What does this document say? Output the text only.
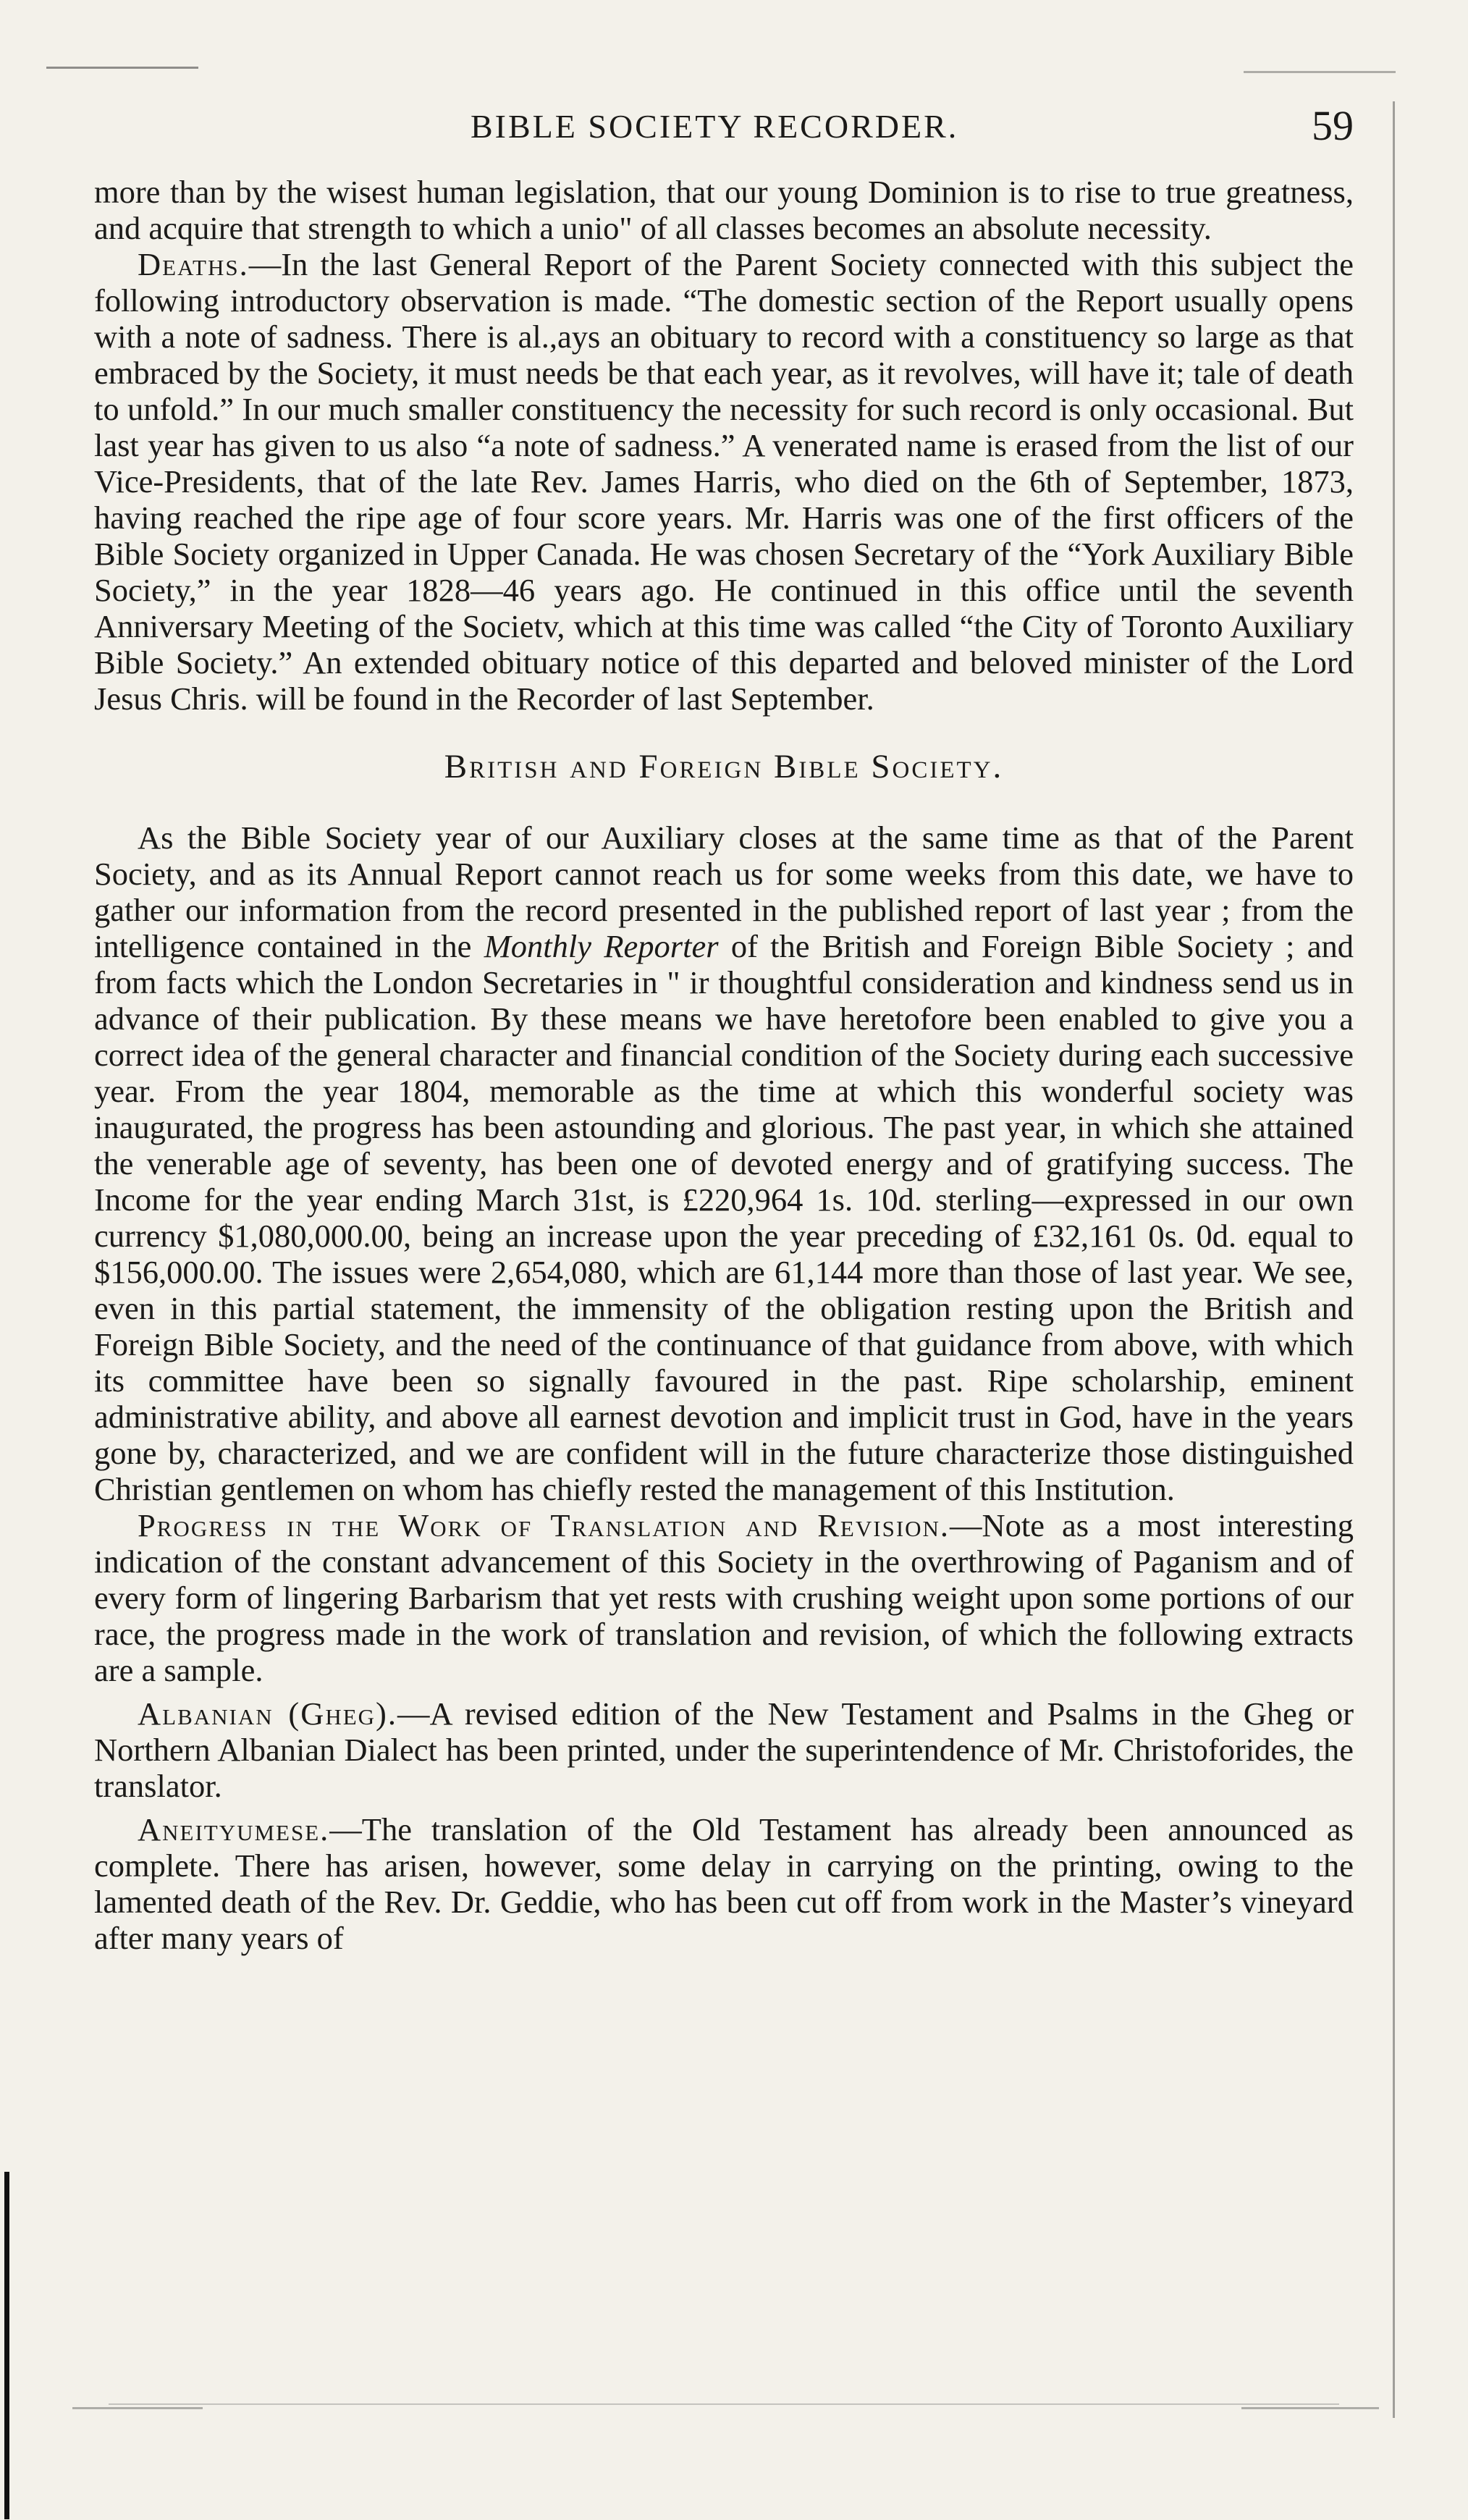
BIBLE SOCIETY RECORDER.	59

more than by the wisest human legislation, that our young Dominion is to rise to true greatness, and acquire that strength to which a unio" of all classes becomes an absolute necessity.

Deaths.—In the last General Report of the Parent Society connected with this subject the following introductory observation is made. “The domestic section of the Report usually opens with a note of sadness. There is al.,ays an obituary to record with a constituency so large as that embraced by the Society, it must needs be that each year, as it revolves, will have it; tale of death to unfold.” In our much smaller constituency the necessity for such record is only occasional. But last year has given to us also “a note of sadness.” A venerated name is erased from the list of our Vice-Presidents, that of the late Rev. James Harris, who died on the 6th of September, 1873, having reached the ripe age of four score years. Mr. Harris was one of the first officers of the Bible Society organized in Upper Canada. He was chosen Secretary of the “York Auxiliary Bible Society,” in the year 1828—46 years ago. He continued in this office until the seventh Anniversary Meeting of the Societv, which at this time was called “the City of Toronto Auxiliary Bible Society.” An extended obituary notice of this departed and beloved minister of the Lord Jesus Chris. will be found in the Recorder of last September.

British and Foreign Bible Society.

As the Bible Society year of our Auxiliary closes at the same time as that of the Parent Society, and as its Annual Report cannot reach us for some weeks from this date, we have to gather our information from the record presented in the published report of last year ; from the intelligence contained in the Monthly Reporter of the British and Foreign Bible Society ; and from facts which the London Secretaries in " ir thoughtful consideration and kindness send us in advance of their publication. By these means we have heretofore been enabled to give you a correct idea of the general character and financial condition of the Society during each successive year. From the year 1804, memorable as the time at which this wonderful society was inaugurated, the progress has been astounding and glorious. The past year, in which she attained the venerable age of seventy, has been one of devoted energy and of gratifying success. The Income for the year ending March 31st, is £220,964 1s. 10d. sterling—expressed in our own currency $1,080,000.00, being an increase upon the year preceding of £32,161 0s. 0d. equal to $156,000.00. The issues were 2,654,080, which are 61,144 more than those of last year. We see, even in this partial statement, the immensity of the obligation resting upon the British and Foreign Bible Society, and the need of the continuance of that guidance from above, with which its committee have been so signally favoured in the past. Ripe scholarship, eminent administrative ability, and above all earnest devotion and implicit trust in God, have in the years gone by, characterized, and we are confident will in the future characterize those distinguished Christian gentlemen on whom has chiefly rested the management of this Institution.

Progress in the Work of Translation and Revision.—Note as a most interesting indication of the constant advancement of this Society in the overthrowing of Paganism and of every form of lingering Barbarism that yet rests with crushing weight upon some portions of our race, the progress made in the work of translation and revision, of which the following extracts are a sample.

Albanian (Gheg).—A revised edition of the New Testament and Psalms in the Gheg or Northern Albanian Dialect has been printed, under the superintendence of Mr. Christoforides, the translator.

Aneityumese.—The translation of the Old Testament has already been announced as complete. There has arisen, however, some delay in carrying on the printing, owing to the lamented death of the Rev. Dr. Geddie, who has been cut off from work in the Master’s vineyard after many years of
